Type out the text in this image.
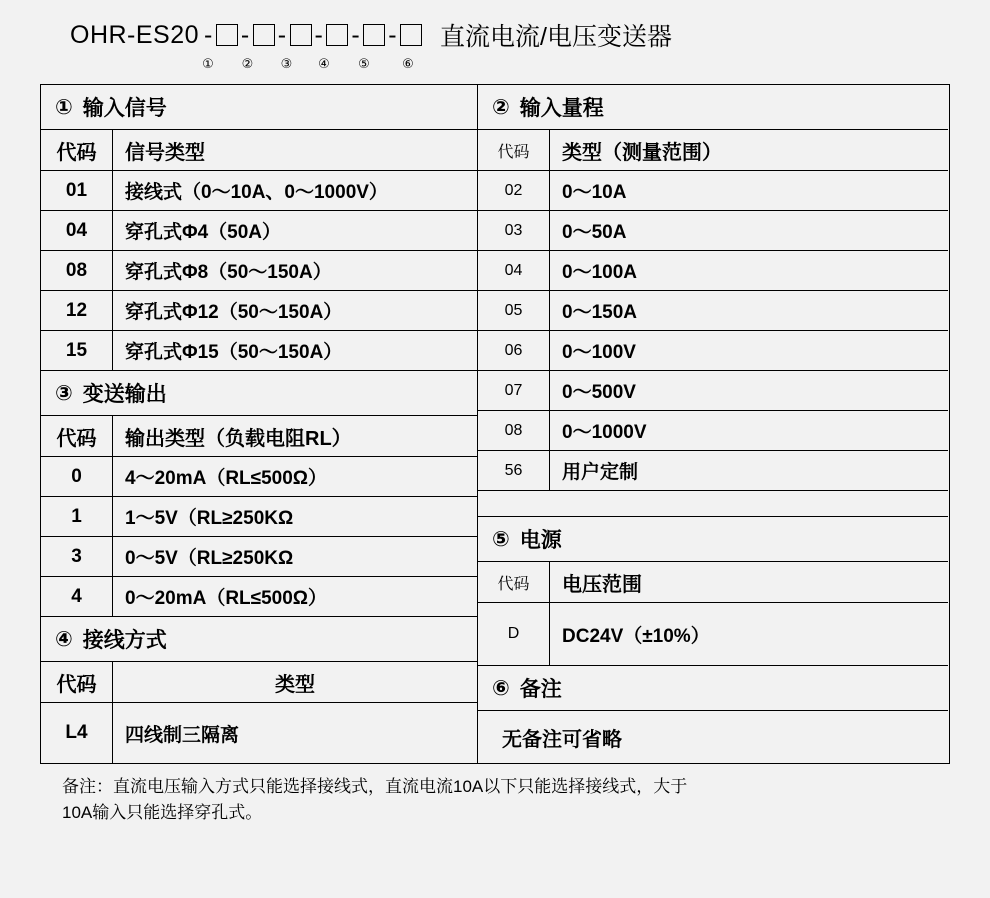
OHR-ES20 - - - - - - 直流电流/电压变送器
①	②	③	④	⑤	⑥
① 输入信号
代码	信号类型
01	接线式（0～10A、0～1000V）
04	穿孔式Φ4（50A）
08	穿孔式Φ8（50～150A）
12	穿孔式Φ12（50～150A）
15	穿孔式Φ15（50～150A）
③ 变送输出
代码	输出类型（负载电阻RL）
0	4～20mA（RL≤500Ω）
1	1～5V（RL≥250KΩ
3	0～5V（RL≥250KΩ
4	0～20mA（RL≤500Ω）
④ 接线方式
代码	类型
L4	四线制三隔离
② 输入量程
代码	类型（测量范围）
02	0～10A
03	0～50A
04	0～100A
05	0～150A
06	0～100V
07	0～500V
08	0～1000V
56	用户定制
⑤ 电源
代码	电压范围
D	DC24V（±10%）
⑥ 备注
无备注可省略

备注：直流电压输入方式只能选择接线式，直流电流10A以下只能选择接线式，大于

10A输入只能选择穿孔式。
